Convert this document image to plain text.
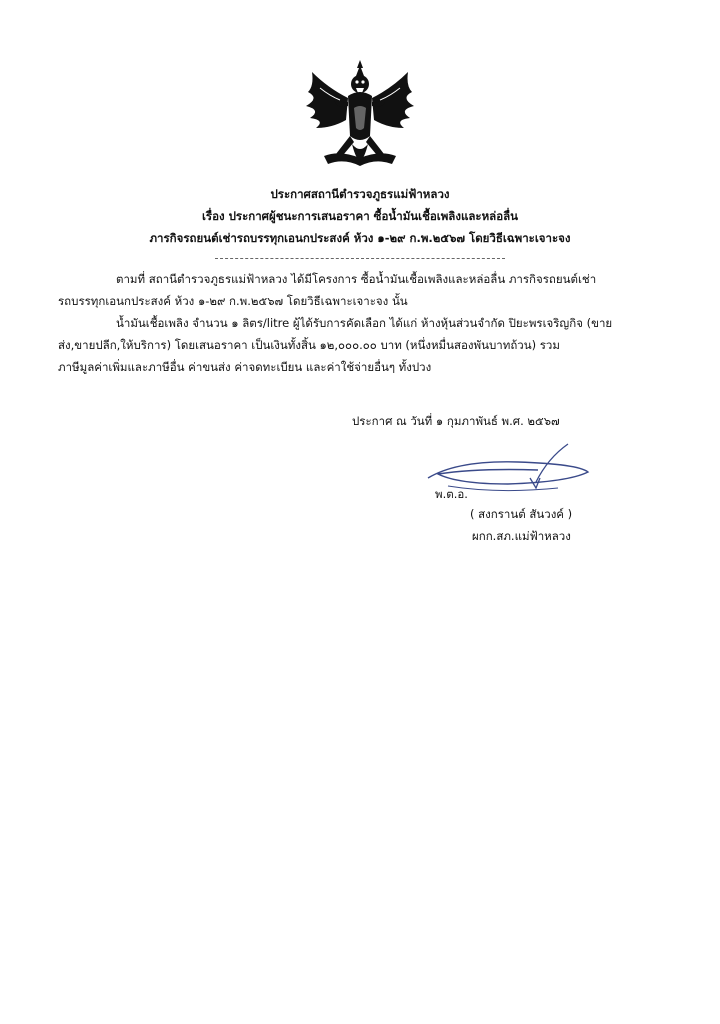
ประกาศสถานีตำรวจภูธรแม่ฟ้าหลวง
เรื่อง ประกาศผู้ชนะการเสนอราคา ซื้อน้ำมันเชื้อเพลิงและหล่อลื่น
ภารกิจรถยนต์เช่ารถบรรทุกเอนกประสงค์ ห้วง ๑-๒๙ ก.พ.๒๕๖๗ โดยวิธีเฉพาะเจาะจง

ตามที่ สถานีตำรวจภูธรแม่ฟ้าหลวง ได้มีโครงการ ซื้อน้ำมันเชื้อเพลิงและหล่อลื่น ภารกิจรถยนต์เช่า

รถบรรทุกเอนกประสงค์ ห้วง ๑-๒๙ ก.พ.๒๕๖๗ โดยวิธีเฉพาะเจาะจง นั้น

น้ำมันเชื้อเพลิง จำนวน ๑ ลิตร/litre ผู้ได้รับการคัดเลือก ได้แก่ ห้างหุ้นส่วนจำกัด ปิยะพรเจริญกิจ (ขาย

ส่ง,ขายปลีก,ให้บริการ) โดยเสนอราคา เป็นเงินทั้งสิ้น ๑๒,๐๐๐.๐๐ บาท (หนึ่งหมื่นสองพันบาทถ้วน) รวม

ภาษีมูลค่าเพิ่มและภาษีอื่น ค่าขนส่ง ค่าจดทะเบียน และค่าใช้จ่ายอื่นๆ ทั้งปวง

ประกาศ ณ วันที่ ๑ กุมภาพันธ์ พ.ศ. ๒๕๖๗
พ.ต.อ.
( สงกรานต์ สันวงค์ )
ผกก.สภ.แม่ฟ้าหลวง
